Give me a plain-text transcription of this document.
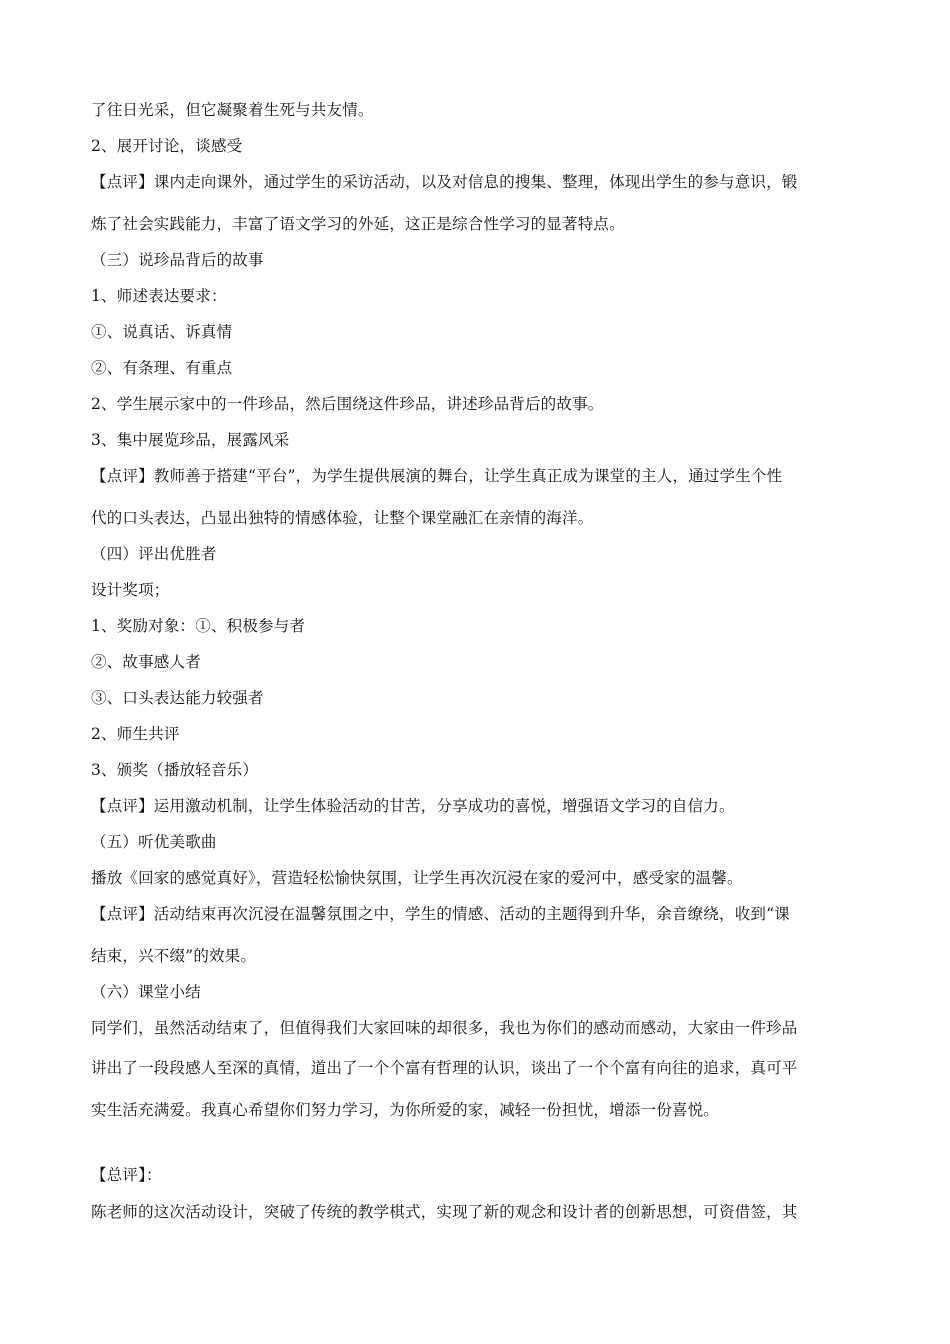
了往日光采，但它凝聚着生死与共友情。
2、展开讨论，谈感受
【点评】课内走向课外，通过学生的采访活动，以及对信息的搜集、整理，体现出学生的参与意识，锻
炼了社会实践能力，丰富了语文学习的外延，这正是综合性学习的显著特点。
（三）说珍品背后的故事
1、师述表达要求：
①、说真话、诉真情
②、有条理、有重点
2、学生展示家中的一件珍品，然后围绕这件珍品，讲述珍品背后的故事。
3、集中展览珍品，展露风采
【点评】教师善于搭建“平台”，为学生提供展演的舞台，让学生真正成为课堂的主人，通过学生个性
代的口头表达，凸显出独特的情感体验，让整个课堂融汇在亲情的海洋。
（四）评出优胜者
设计奖项；
1、奖励对象：①、积极参与者
②、故事感人者
③、口头表达能力较强者
2、师生共评
3、颁奖（播放轻音乐）
【点评】运用激动机制，让学生体验活动的甘苦，分享成功的喜悦，增强语文学习的自信力。
（五）听优美歌曲
播放《回家的感觉真好》，营造轻松愉快氛围，让学生再次沉浸在家的爱河中，感受家的温馨。
【点评】活动结束再次沉浸在温馨氛围之中，学生的情感、活动的主题得到升华，余音缭绕，收到“课
结束，兴不缀”的效果。
（六）课堂小结
同学们，虽然活动结束了，但值得我们大家回味的却很多，我也为你们的感动而感动，大家由一件珍品
讲出了一段段感人至深的真情，道出了一个个富有哲理的认识，谈出了一个个富有向往的追求，真可平
实生活充满爱。我真心希望你们努力学习，为你所爱的家，减轻一份担忧，增添一份喜悦。
【总评】：
陈老师的这次活动设计，突破了传统的教学棋式，实现了新的观念和设计者的创新思想，可资借签，其
